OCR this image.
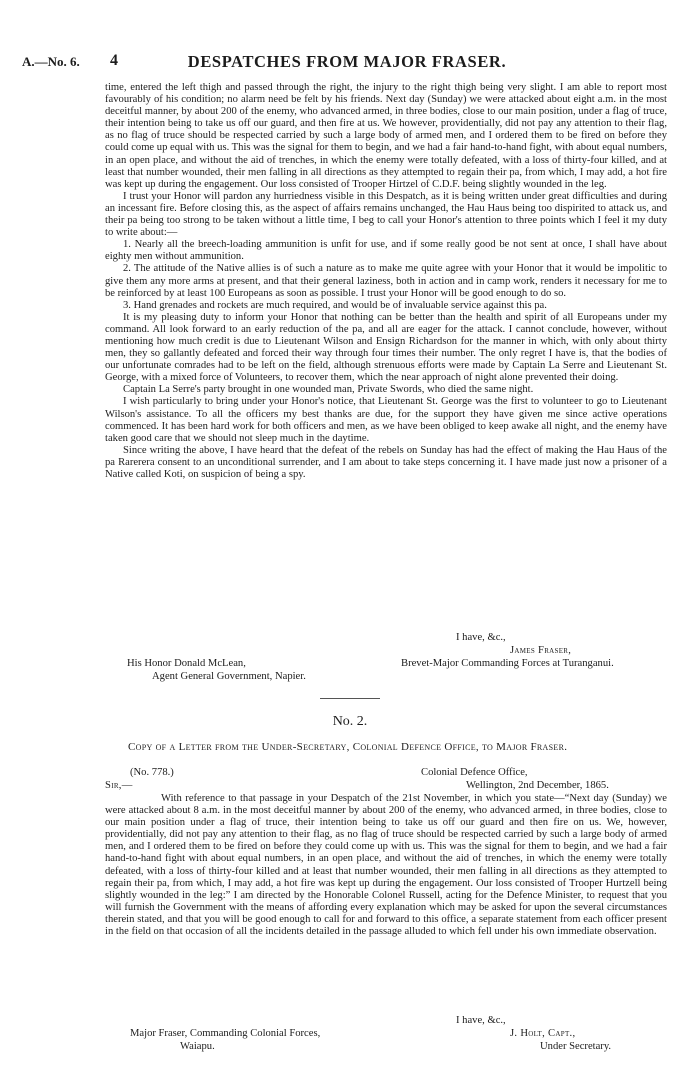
A.—No. 6. 4	DESPATCHES FROM MAJOR FRASER.

time, entered the left thigh and passed through the right, the injury to the right thigh being very slight. I am able to report most favourably of his condition; no alarm need be felt by his friends. Next day (Sunday) we were attacked about eight a.m. in the most deceitful manner, by about 200 of the enemy, who advanced armed, in three bodies, close to our main position, under a flag of truce, their intention being to take us off our guard, and then fire at us. We however, providentially, did not pay any attention to their flag, as no flag of truce should be respected carried by such a large body of armed men, and I ordered them to be fired on before they could come up equal with us. This was the signal for them to begin, and we had a fair hand-to-hand fight, with about equal numbers, in an open place, and without the aid of trenches, in which the enemy were totally defeated, with a loss of thirty-four killed, and at least that number wounded, their men falling in all directions as they attempted to regain their pa, from which, I may add, a hot fire was kept up during the engagement. Our loss consisted of Trooper Hirtzel of C.D.F. being slightly wounded in the leg.

I trust your Honor will pardon any hurriedness visible in this Despatch, as it is being written under great difficulties and during an incessant fire. Before closing this, as the aspect of affairs remains unchanged, the Hau Haus being too dispirited to attack us, and their pa being too strong to be taken without a little time, I beg to call your Honor's attention to three points which I feel it my duty to write about:—

1. Nearly all the breech-loading ammunition is unfit for use, and if some really good be not sent at once, I shall have about eighty men without ammunition.

2. The attitude of the Native allies is of such a nature as to make me quite agree with your Honor that it would be impolitic to give them any more arms at present, and that their general laziness, both in action and in camp work, renders it necessary for me to be reinforced by at least 100 Europeans as soon as possible. I trust your Honor will be good enough to do so.

3. Hand grenades and rockets are much required, and would be of invaluable service against this pa.

It is my pleasing duty to inform your Honor that nothing can be better than the health and spirit of all Europeans under my command. All look forward to an early reduction of the pa, and all are eager for the attack. I cannot conclude, however, without mentioning how much credit is due to Lieutenant Wilson and Ensign Richardson for the manner in which, with only about thirty men, they so gallantly defeated and forced their way through four times their number. The only regret I have is, that the bodies of our unfortunate comrades had to be left on the field, although strenuous efforts were made by Captain La Serre and Lieutenant St. George, with a mixed force of Volunteers, to recover them, which the near approach of night alone prevented their doing.

Captain La Serre's party brought in one wounded man, Private Swords, who died the same night.

I wish particularly to bring under your Honor's notice, that Lieutenant St. George was the first to volunteer to go to Lieutenant Wilson's assistance. To all the officers my best thanks are due, for the support they have given me since active operations commenced. It has been hard work for both officers and men, as we have been obliged to keep awake all night, and the enemy have taken good care that we should not sleep much in the daytime.

Since writing the above, I have heard that the defeat of the rebels on Sunday has had the effect of making the Hau Haus of the pa Rarerera consent to an unconditional surrender, and I am about to take steps concerning it. I have made just now a prisoner of a Native called Koti, on suspicion of being a spy.

I have, &c.,
James Fraser,
His Honor Donald McLean,	Brevet-Major Commanding Forces at Turanganui.
Agent General Government, Napier.
No. 2.
Copy of a Letter from the Under-Secretary, Colonial Defence Office, to Major Fraser.
(No. 778.)	Colonial Defence Office,
Sir,—	Wellington, 2nd December, 1865.

With reference to that passage in your Despatch of the 21st November, in which you state—“Next day (Sunday) we were attacked about 8 a.m. in the most deceitful manner by about 200 of the enemy, who advanced armed, in three bodies, close to our main position under a flag of truce, their intention being to take us off our guard and then fire on us. We, however, providentially, did not pay any attention to their flag, as no flag of truce should be respected carried by such a large body of armed men, and I ordered them to be fired on before they could come up with us. This was the signal for them to begin, and we had a fair hand-to-hand fight with about equal numbers, in an open place, and without the aid of trenches, in which the enemy were totally defeated, with a loss of thirty-four killed and at least that number wounded, their men falling in all directions as they attempted to regain their pa, from which, I may add, a hot fire was kept up during the engagement. Our loss consisted of Trooper Hurtzell being slightly wounded in the leg:” I am directed by the Honorable Colonel Russell, acting for the Defence Minister, to request that you will furnish the Government with the means of affording every explanation which may be asked for upon the several circumstances therein stated, and that you will be good enough to call for and forward to this office, a separate statement from each officer present in the field on that occasion of all the incidents detailed in the passage alluded to which fell under his own immediate observation.

I have, &c.,
Major Fraser, Commanding Colonial Forces,	J. Holt, Capt.,
Waiapu.	Under Secretary.
